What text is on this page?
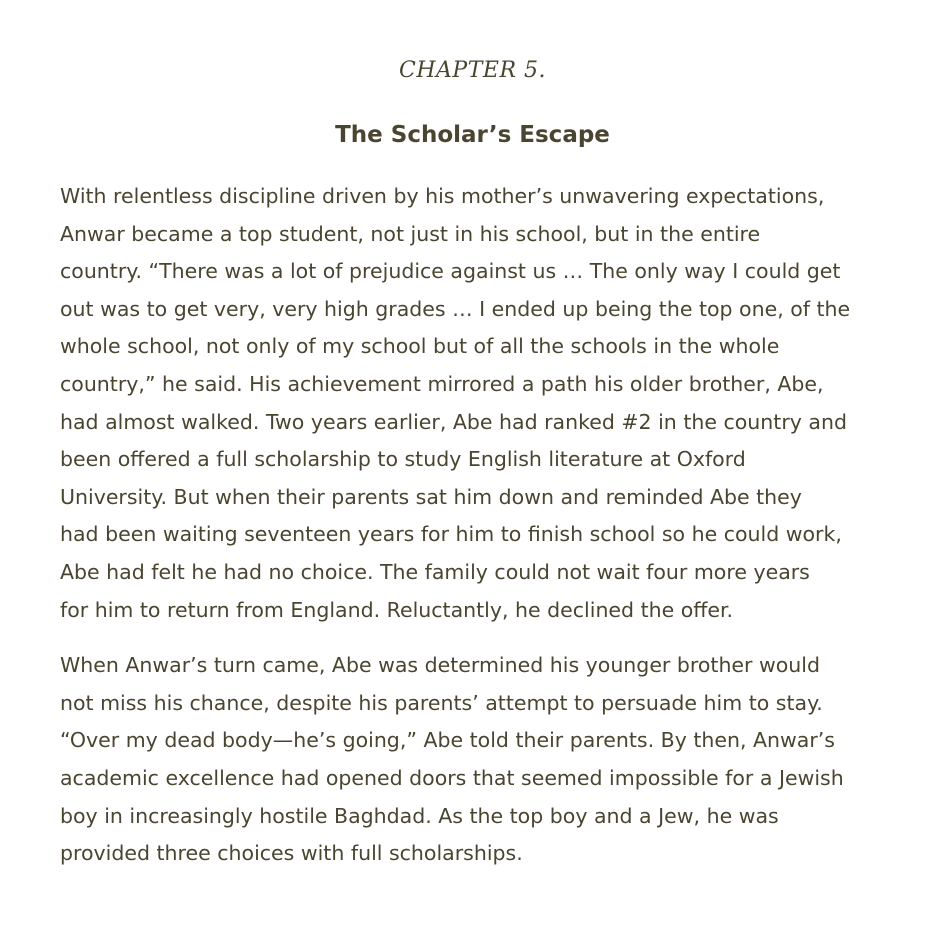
CHAPTER 5.
The Scholar’s Escape

With relentless discipline driven by his mother’s unwavering expectations,
Anwar became a top student, not just in his school, but in the entire
country. “There was a lot of prejudice against us … The only way I could get
out was to get very, very high grades … I ended up being the top one, of the
whole school, not only of my school but of all the schools in the whole
country,” he said. His achievement mirrored a path his older brother, Abe,
had almost walked. Two years earlier, Abe had ranked #2 in the country and
been offered a full scholarship to study English literature at Oxford
University. But when their parents sat him down and reminded Abe they
had been waiting seventeen years for him to finish school so he could work,
Abe had felt he had no choice. The family could not wait four more years
for him to return from England. Reluctantly, he declined the offer.

When Anwar’s turn came, Abe was determined his younger brother would
not miss his chance, despite his parents’ attempt to persuade him to stay.
“Over my dead body—he’s going,” Abe told their parents. By then, Anwar’s
academic excellence had opened doors that seemed impossible for a Jewish
boy in increasingly hostile Baghdad. As the top boy and a Jew, he was
provided three choices with full scholarships.
